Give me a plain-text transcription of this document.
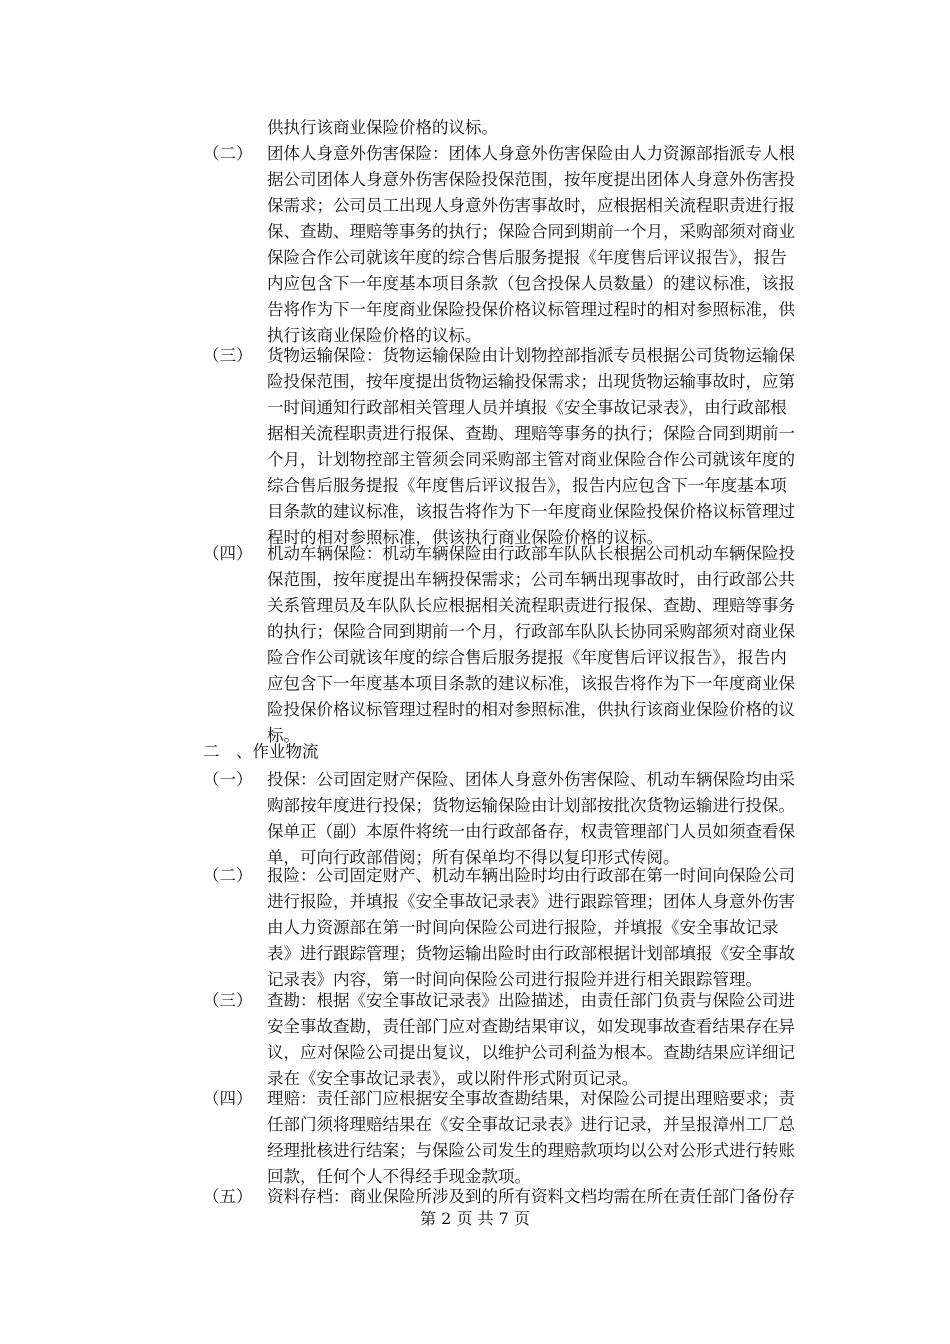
供执行该商业保险价格的议标。
（二） 团体人身意外伤害保险：团体人身意外伤害保险由人力资源部指派专人根
据公司团体人身意外伤害保险投保范围，按年度提出团体人身意外伤害投
保需求；公司员工出现人身意外伤害事故时，应根据相关流程职责进行报
保、查勘、理赔等事务的执行；保险合同到期前一个月，采购部须对商业
保险合作公司就该年度的综合售后服务提报《年度售后评议报告》，报告
内应包含下一年度基本项目条款（包含投保人员数量）的建议标准，该报
告将作为下一年度商业保险投保价格议标管理过程时的相对参照标准，供
执行该商业保险价格的议标。
（三） 货物运输保险：货物运输保险由计划物控部指派专员根据公司货物运输保
险投保范围，按年度提出货物运输投保需求；出现货物运输事故时，应第
一时间通知行政部相关管理人员并填报《安全事故记录表》，由行政部根
据相关流程职责进行报保、查勘、理赔等事务的执行；保险合同到期前一
个月，计划物控部主管须会同采购部主管对商业保险合作公司就该年度的
综合售后服务提报《年度售后评议报告》，报告内应包含下一年度基本项
目条款的建议标准，该报告将作为下一年度商业保险投保价格议标管理过
程时的相对参照标准，供该执行商业保险价格的议标。
（四） 机动车辆保险：机动车辆保险由行政部车队队长根据公司机动车辆保险投
保范围，按年度提出车辆投保需求；公司车辆出现事故时，由行政部公共
关系管理员及车队队长应根据相关流程职责进行报保、查勘、理赔等事务
的执行；保险合同到期前一个月，行政部车队队长协同采购部须对商业保
险合作公司就该年度的综合售后服务提报《年度售后评议报告》，报告内
应包含下一年度基本项目条款的建议标准，该报告将作为下一年度商业保
险投保价格议标管理过程时的相对参照标准，供执行该商业保险价格的议
标。
二　、作业物流
（一） 投保：公司固定财产保险、团体人身意外伤害保险、机动车辆保险均由采
购部按年度进行投保；货物运输保险由计划部按批次货物运输进行投保。
保单正（副）本原件将统一由行政部备存，权责管理部门人员如须查看保
单，可向行政部借阅；所有保单均不得以复印形式传阅。
（二） 报险：公司固定财产、机动车辆出险时均由行政部在第一时间向保险公司
进行报险，并填报《安全事故记录表》进行跟踪管理；团体人身意外伤害
由人力资源部在第一时间向保险公司进行报险，并填报《安全事故记录
表》进行跟踪管理；货物运输出险时由行政部根据计划部填报《安全事故
记录表》内容，第一时间向保险公司进行报险并进行相关跟踪管理。
（三） 查勘：根据《安全事故记录表》出险描述，由责任部门负责与保险公司进
安全事故查勘，责任部门应对查勘结果审议，如发现事故查看结果存在异
议，应对保险公司提出复议，以维护公司利益为根本。查勘结果应详细记
录在《安全事故记录表》，或以附件形式附页记录。
（四） 理赔：责任部门应根据安全事故查勘结果，对保险公司提出理赔要求；责
任部门须将理赔结果在《安全事故记录表》进行记录，并呈报漳州工厂总
经理批核进行结案；与保险公司发生的理赔款项均以公对公形式进行转账
回款，任何个人不得经手现金款项。
（五） 资料存档：商业保险所涉及到的所有资料文档均需在所在责任部门备份存
第 2 页 共 7 页
